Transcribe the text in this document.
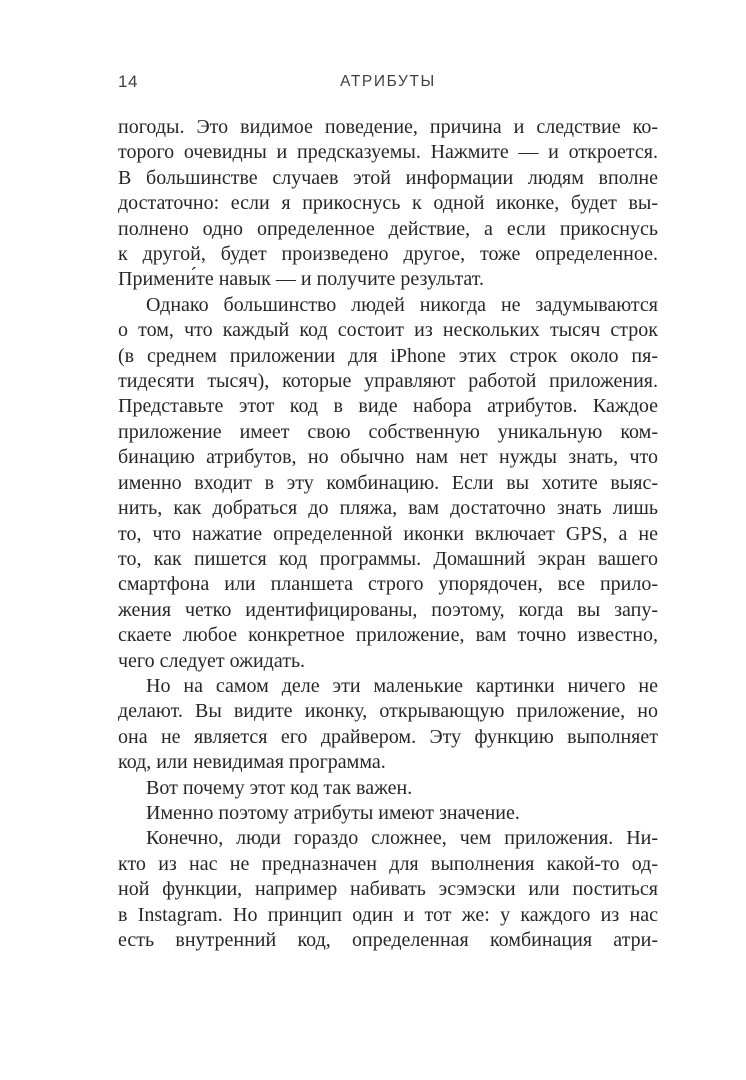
14	АТРИБУТЫ
погоды. Это видимое поведение, причина и следствие ко-
торого очевидны и предсказуемы. Нажмите — и откроется.
В большинстве случаев этой информации людям вполне
достаточно: если я прикоснусь к одной иконке, будет вы-
полнено одно определенное действие, а если прикоснусь
к другой, будет произведено другое, тоже определенное.
Примени́те навык — и получите результат.
Однако большинство людей никогда не задумываются
о том, что каждый код состоит из нескольких тысяч строк
(в среднем приложении для iPhone этих строк около пя-
тидесяти тысяч), которые управляют работой приложения.
Представьте этот код в виде набора атрибутов. Каждое
приложение имеет свою собственную уникальную ком-
бинацию атрибутов, но обычно нам нет нужды знать, что
именно входит в эту комбинацию. Если вы хотите выяс-
нить, как добраться до пляжа, вам достаточно знать лишь
то, что нажатие определенной иконки включает GPS, а не
то, как пишется код программы. Домашний экран вашего
смартфона или планшета строго упорядочен, все прило-
жения четко идентифицированы, поэтому, когда вы запу-
скаете любое конкретное приложение, вам точно известно,
чего следует ожидать.
Но на самом деле эти маленькие картинки ничего не
делают. Вы видите иконку, открывающую приложение, но
она не является его драйвером. Эту функцию выполняет
код, или невидимая программа.
Вот почему этот код так важен.
Именно поэтому атрибуты имеют значение.
Конечно, люди гораздо сложнее, чем приложения. Ни-
кто из нас не предназначен для выполнения какой-то од-
ной функции, например набивать эсэмэски или поститься
в Instagram. Но принцип один и тот же: у каждого из нас
есть внутренний код, определенная комбинация атри-
